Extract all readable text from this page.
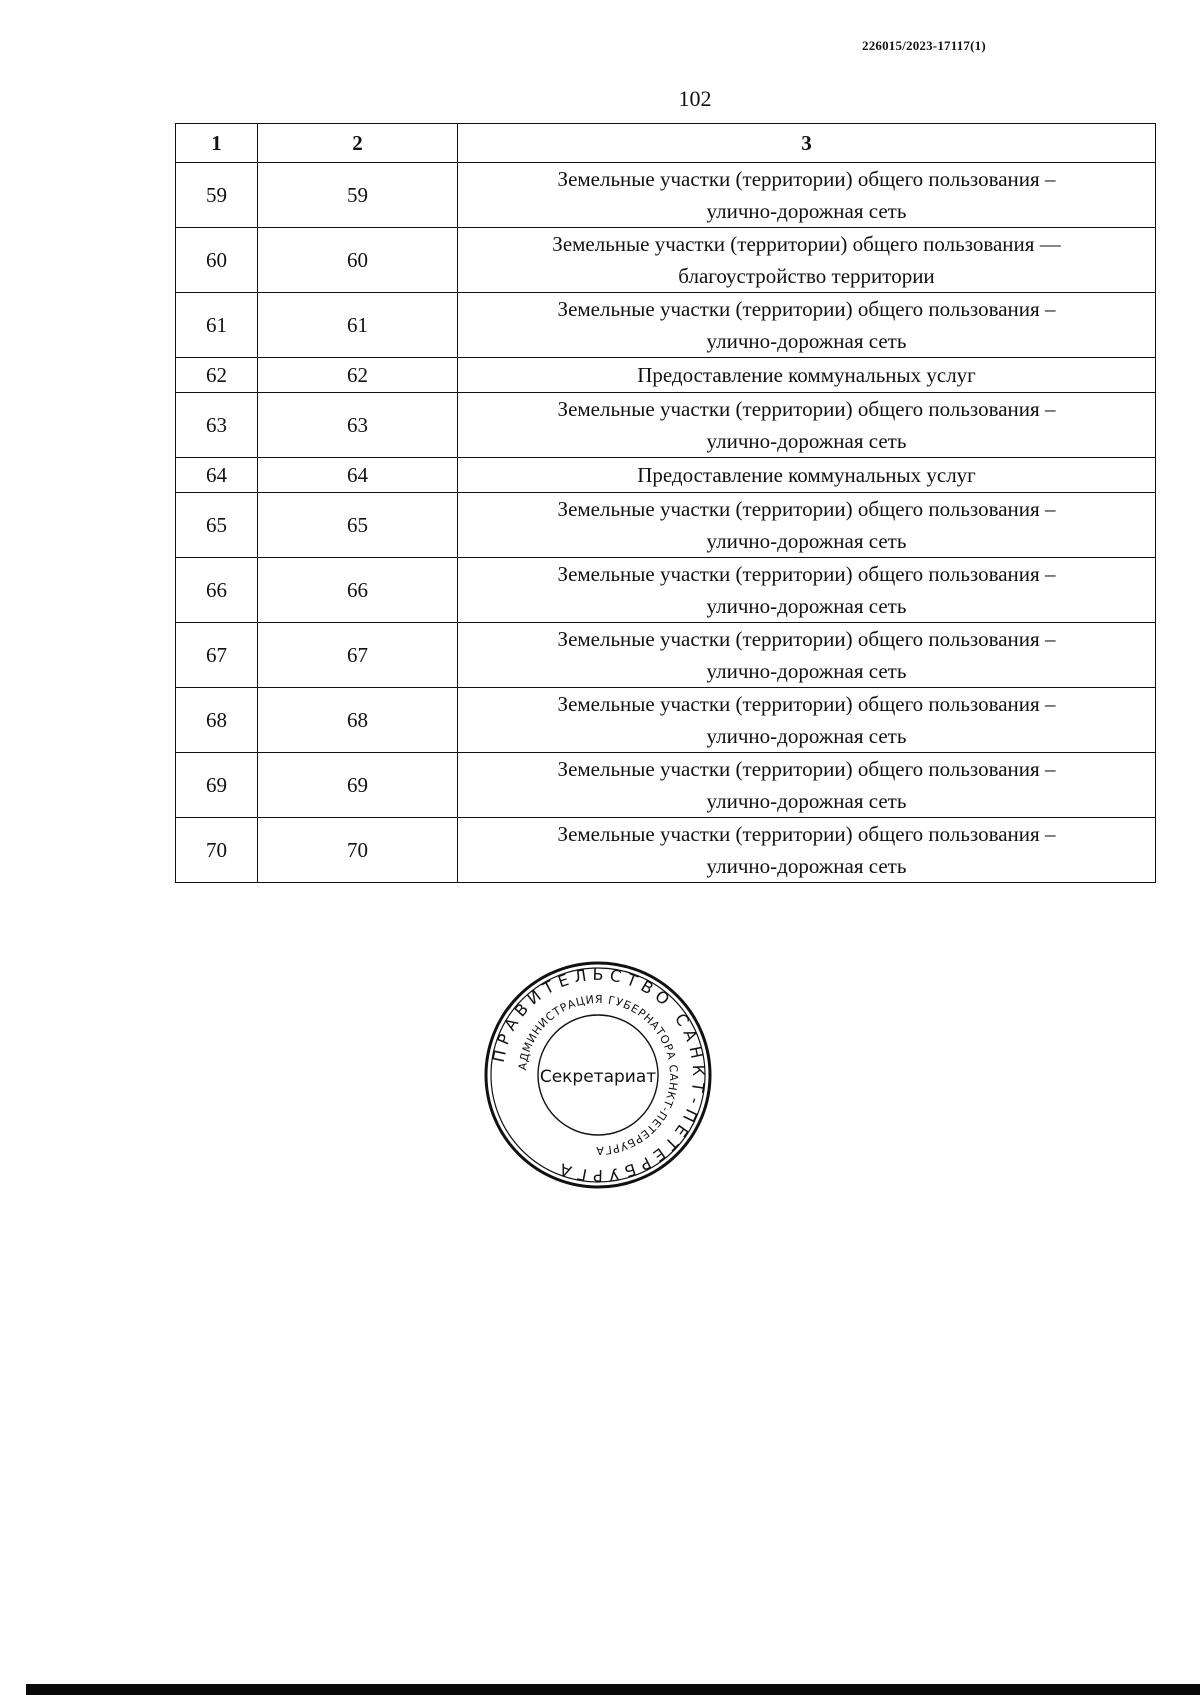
226015/2023-17117(1)
102
1	2	3
59	59	Земельные участки (территории) общего пользования –
улично-дорожная сеть

60	60	Земельные участки (территории) общего пользования —
благоустройство территории

61	61	Земельные участки (территории) общего пользования –
улично-дорожная сеть

62	62	Предоставление коммунальных услуг

63	63	Земельные участки (территории) общего пользования –
улично-дорожная сеть

64	64	Предоставление коммунальных услуг

65	65	Земельные участки (территории) общего пользования –
улично-дорожная сеть

66	66	Земельные участки (территории) общего пользования –
улично-дорожная сеть

67	67	Земельные участки (территории) общего пользования –
улично-дорожная сеть

68	68	Земельные участки (территории) общего пользования –
улично-дорожная сеть

69	69	Земельные участки (территории) общего пользования –
улично-дорожная сеть

70	70	Земельные участки (территории) общего пользования –
улично-дорожная сеть
ПРАВИТЕЛЬСТВО САНКТ-ПЕТЕРБУРГА
АДМИНИСТРАЦИЯ ГУБЕРНАТОРА САНКТ-ПЕТЕРБУРГА
Секретариат
